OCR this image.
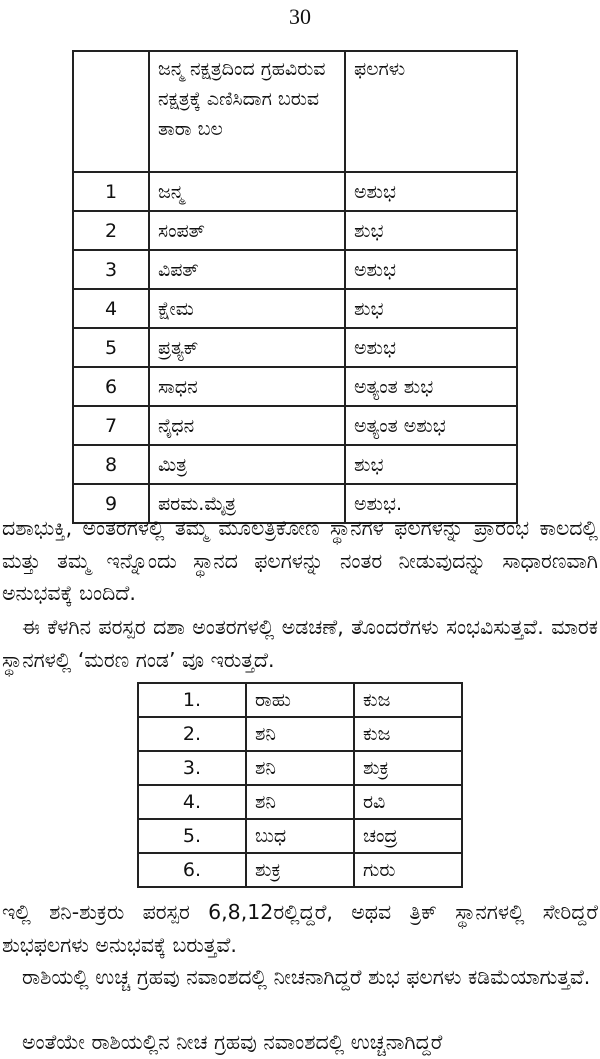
30
	ಜನ್ಮ ನಕ್ಷತ್ರದಿಂದ ಗ್ರಹವಿರುವ ನಕ್ಷತ್ರಕ್ಕೆ ಎಣಿಸಿದಾಗ ಬರುವ ತಾರಾ ಬಲ	ಫಲಗಳು
1	ಜನ್ಮ	ಅಶುಭ
2	ಸಂಪತ್	ಶುಭ
3	ವಿಪತ್	ಅಶುಭ
4	ಕ್ಷೇಮ	ಶುಭ
5	ಪ್ರತ್ಯಕ್	ಅಶುಭ
6	ಸಾಧನ	ಅತ್ಯಂತ ಶುಭ
7	ನೈಧನ	ಅತ್ಯಂತ ಅಶುಭ
8	ಮಿತ್ರ	ಶುಭ
9	ಪರಮ.ಮೈತ್ರ	ಅಶುಭ.
ದಶಾಭುಕ್ತಿ, ಅಂತರಗಳಲ್ಲಿ ತಮ್ಮ ಮೂಲತ್ರಿಕೋಣ ಸ್ಥಾನಗಳ ಫಲಗಳನ್ನು ಪ್ರಾರಂಭ ಕಾಲದಲ್ಲಿ ಮತ್ತು ತಮ್ಮ ಇನ್ನೊಂದು ಸ್ಥಾನದ ಫಲಗಳನ್ನು ನಂತರ ನೀಡುವುದನ್ನು ಸಾಧಾರಣವಾಗಿ ಅನುಭವಕ್ಕೆ ಬಂದಿದೆ.
ಈ ಕೆಳಗಿನ ಪರಸ್ಪರ ದಶಾ ಅಂತರಗಳಲ್ಲಿ ಅಡಚಣೆ, ತೊಂದರೆಗಳು ಸಂಭವಿಸುತ್ತವೆ. ಮಾರಕ ಸ್ಥಾನಗಳಲ್ಲಿ ‘ಮರಣ ಗಂಡ’ ವೂ ಇರುತ್ತದೆ.
1.	ರಾಹು	ಕುಜ
2.	ಶನಿ	ಕುಜ
3.	ಶನಿ	ಶುಕ್ರ
4.	ಶನಿ	ರವಿ
5.	ಬುಧ	ಚಂದ್ರ
6.	ಶುಕ್ರ	ಗುರು
ಇಲ್ಲಿ ಶನಿ-ಶುಕ್ರರು ಪರಸ್ಪರ 6,8,12ರಲ್ಲಿದ್ದರೆ, ಅಥವ ತ್ರಿಕ್ ಸ್ಥಾನಗಳಲ್ಲಿ ಸೇರಿದ್ದರೆ ಶುಭಫಲಗಳು ಅನುಭವಕ್ಕೆ ಬರುತ್ತವೆ.
ರಾಶಿಯಲ್ಲಿ ಉಚ್ಚ ಗ್ರಹವು ನವಾಂಶದಲ್ಲಿ ನೀಚನಾಗಿದ್ದರೆ ಶುಭ ಫಲಗಳು ಕಡಿಮೆಯಾಗುತ್ತವೆ.
ಅಂತೆಯೇ ರಾಶಿಯಲ್ಲಿನ ನೀಚ ಗ್ರಹವು ನವಾಂಶದಲ್ಲಿ ಉಚ್ಚನಾಗಿದ್ದರೆ
